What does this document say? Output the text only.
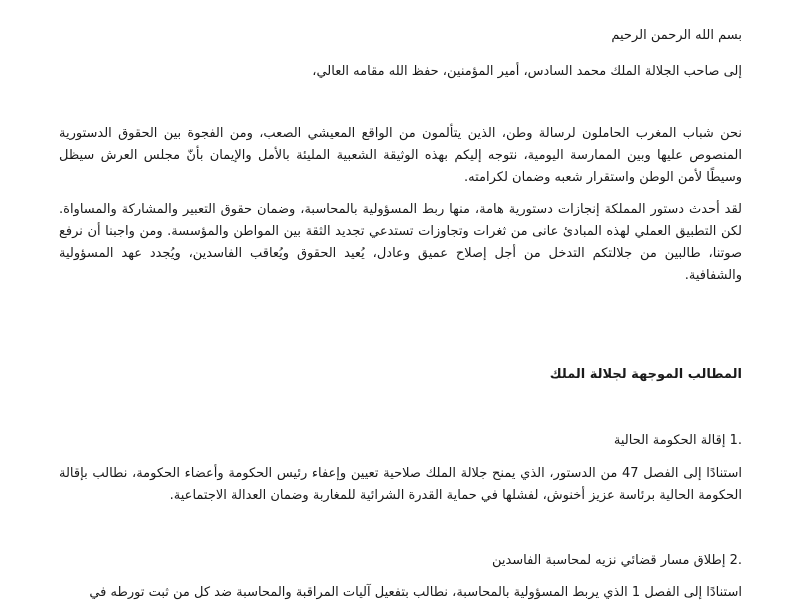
بسم الله الرحمن الرحيم
إلى صاحب الجلالة الملك محمد السادس، أمير المؤمنين، حفظ الله مقامه العالي،

نحن شباب المغرب الحاملون لرسالة وطن، الذين يتألمون من الواقع المعيشي الصعب، ومن الفجوة بين الحقوق الدستورية المنصوص عليها وبين الممارسة اليومية، نتوجه إليكم بهذه الوثيقة الشعبية المليئة بالأمل والإيمان بأنّ مجلس العرش سيظل وسيطًا لأمن الوطن واستقرار شعبه وضمان لكرامته.

لقد أحدث دستور المملكة إنجازات دستورية هامة، منها ربط المسؤولية بالمحاسبة، وضمان حقوق التعبير والمشاركة والمساواة. لكن التطبيق العملي لهذه المبادئ عانى من ثغرات وتجاوزات تستدعي تجديد الثقة بين المواطن والمؤسسة. ومن واجبنا أن نرفع صوتنا، طالبين من جلالتكم التدخل من أجل إصلاح عميق وعادل، يُعيد الحقوق ويُعاقب الفاسدين، ويُجدد عهد المسؤولية والشفافية.

المطالب الموجهة لجلالة الملك
.1 إقالة الحكومة الحالية

استنادًا إلى الفصل 47 من الدستور، الذي يمنح جلالة الملك صلاحية تعيين وإعفاء رئيس الحكومة وأعضاء الحكومة، نطالب بإقالة الحكومة الحالية برئاسة عزيز أخنوش، لفشلها في حماية القدرة الشرائية للمغاربة وضمان العدالة الاجتماعية.

.2 إطلاق مسار قضائي نزيه لمحاسبة الفاسدين
استنادًا إلى الفصل 1 الذي يربط المسؤولية بالمحاسبة، نطالب بتفعيل آليات المراقبة والمحاسبة ضد كل من ثبت تورطه في
